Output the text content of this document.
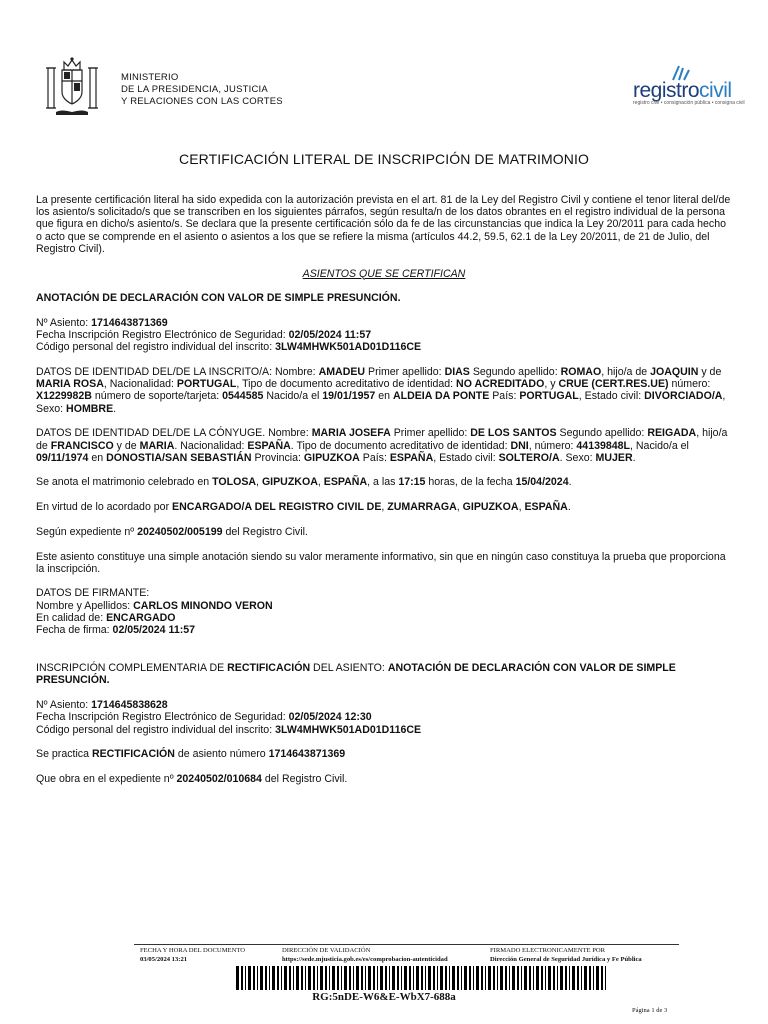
MINISTERIO
DE LA PRESIDENCIA, JUSTICIA
Y RELACIONES CON LAS CORTES	registrocivil
registro civil • consignación pública • consigna civil
CERTIFICACIÓN LITERAL DE INSCRIPCIÓN DE MATRIMONIO

La presente certificación literal ha sido expedida con la autorización prevista en el art. 81 de la Ley del Registro Civil y contiene el tenor literal del/de los asiento/s solicitado/s que se transcriben en los siguientes párrafos, según resulta/n de los datos obrantes en el registro individual de la persona que figura en dicho/s asiento/s. Se declara que la presente certificación sólo da fe de las circunstancias que indica la Ley 20/2011 para cada hecho o acto que se comprende en el asiento o asientos a los que se refiere la misma (artículos 44.2, 59.5, 62.1 de la Ley 20/2011, de 21 de Julio, del Registro Civil).

ASIENTOS QUE SE CERTIFICAN

ANOTACIÓN DE DECLARACIÓN CON VALOR DE SIMPLE PRESUNCIÓN.

Nº Asiento: 1714643871369
Fecha Inscripción Registro Electrónico de Seguridad: 02/05/2024 11:57
Código personal del registro individual del inscrito: 3LW4MHWK501AD01D116CE

DATOS DE IDENTIDAD DEL/DE LA INSCRITO/A: Nombre: AMADEU Primer apellido: DIAS Segundo apellido: ROMAO, hijo/a de JOAQUIN y de MARIA ROSA, Nacionalidad: PORTUGAL, Tipo de documento acreditativo de identidad: NO ACREDITADO, y CRUE (CERT.RES.UE) número: X1229982B número de soporte/tarjeta: 0544585 Nacido/a el 19/01/1957 en ALDEIA DA PONTE País: PORTUGAL, Estado civil: DIVORCIADO/A, Sexo: HOMBRE.

DATOS DE IDENTIDAD DEL/DE LA CÓNYUGE. Nombre: MARIA JOSEFA Primer apellido: DE LOS SANTOS Segundo apellido: REIGADA, hijo/a de FRANCISCO y de MARIA. Nacionalidad: ESPAÑA. Tipo de documento acreditativo de identidad: DNI, número: 44139848L, Nacido/a el 09/11/1974 en DONOSTIA/SAN SEBASTIÁN Provincia: GIPUZKOA País: ESPAÑA, Estado civil: SOLTERO/A. Sexo: MUJER.

Se anota el matrimonio celebrado en TOLOSA, GIPUZKOA, ESPAÑA, a las 17:15 horas, de la fecha 15/04/2024.

En virtud de lo acordado por ENCARGADO/A DEL REGISTRO CIVIL DE, ZUMARRAGA, GIPUZKOA, ESPAÑA.

Según expediente nº 20240502/005199 del Registro Civil.

Este asiento constituye una simple anotación siendo su valor meramente informativo, sin que en ningún caso constituya la prueba que proporciona la inscripción.

DATOS DE FIRMANTE:
Nombre y Apellidos: CARLOS MINONDO VERON
En calidad de: ENCARGADO
Fecha de firma: 02/05/2024 11:57

INSCRIPCIÓN COMPLEMENTARIA DE RECTIFICACIÓN DEL ASIENTO: ANOTACIÓN DE DECLARACIÓN CON VALOR DE SIMPLE PRESUNCIÓN.

Nº Asiento: 1714645838628
Fecha Inscripción Registro Electrónico de Seguridad: 02/05/2024 12:30
Código personal del registro individual del inscrito: 3LW4MHWK501AD01D116CE

Se practica RECTIFICACIÓN de asiento número 1714643871369

Que obra en el expediente nº 20240502/010684 del Registro Civil.

FECHA Y HORA DEL DOCUMENTO
03/05/2024 13:21
DIRECCIÓN DE VALIDACIÓN
https://sede.mjusticia.gob.es/es/comprobacion-autenticidad
FIRMADO ELECTRONICAMENTE POR
Dirección General de Seguridad Jurídica y Fe Pública
RG:5nDE-W6&E-WbX7-688a
Página 1 de 3
